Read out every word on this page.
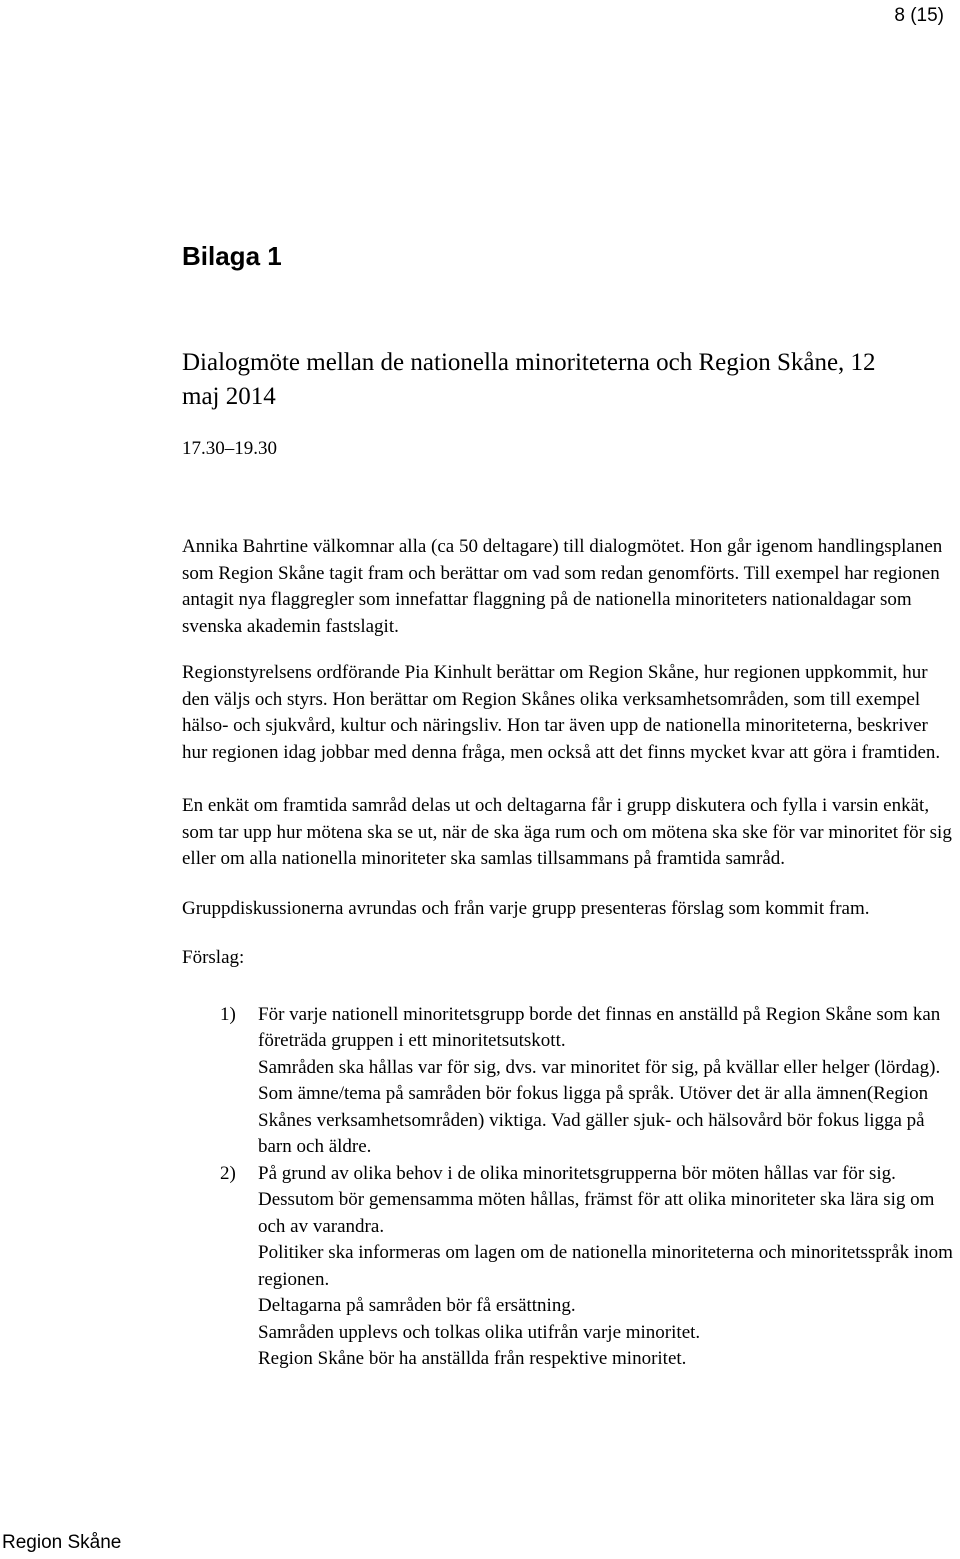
8 (15)
Bilaga 1
Dialogmöte mellan de nationella minoriteterna och Region Skåne, 12 maj 2014

17.30–19.30

Annika Bahrtine välkomnar alla (ca 50 deltagare) till dialogmötet. Hon går igenom handlingsplanen som Region Skåne tagit fram och berättar om vad som redan genomförts. Till exempel har regionen antagit nya flaggregler som innefattar flaggning på de nationella minoriteters nationaldagar som svenska akademin fastslagit.

Regionstyrelsens ordförande Pia Kinhult berättar om Region Skåne, hur regionen uppkommit, hur den väljs och styrs. Hon berättar om Region Skånes olika verksamhetsområden, som till exempel hälso- och sjukvård, kultur och näringsliv. Hon tar även upp de nationella minoriteterna, beskriver hur regionen idag jobbar med denna fråga, men också att det finns mycket kvar att göra i framtiden.

En enkät om framtida samråd delas ut och deltagarna får i grupp diskutera och fylla i varsin enkät, som tar upp hur mötena ska se ut, när de ska äga rum och om mötena ska ske för var minoritet för sig eller om alla nationella minoriteter ska samlas tillsammans på framtida samråd.

Gruppdiskussionerna avrundas och från varje grupp presenteras förslag som kommit fram.

Förslag:

1) För varje nationell minoritetsgrupp borde det finnas en anställd på Region Skåne som kan företräda gruppen i ett minoritetsutskott.
Samråden ska hållas var för sig, dvs. var minoritet för sig, på kvällar eller helger (lördag).
Som ämne/tema på samråden bör fokus ligga på språk. Utöver det är alla ämnen(Region Skånes verksamhetsområden) viktiga. Vad gäller sjuk- och hälsovård bör fokus ligga på barn och äldre.
2) På grund av olika behov i de olika minoritetsgrupperna bör möten hållas var för sig. Dessutom bör gemensamma möten hållas, främst för att olika minoriteter ska lära sig om och av varandra.
Politiker ska informeras om lagen om de nationella minoriteterna och minoritetsspråk inom regionen.
Deltagarna på samråden bör få ersättning.
Samråden upplevs och tolkas olika utifrån varje minoritet.
Region Skåne bör ha anställda från respektive minoritet.
Region Skåne
